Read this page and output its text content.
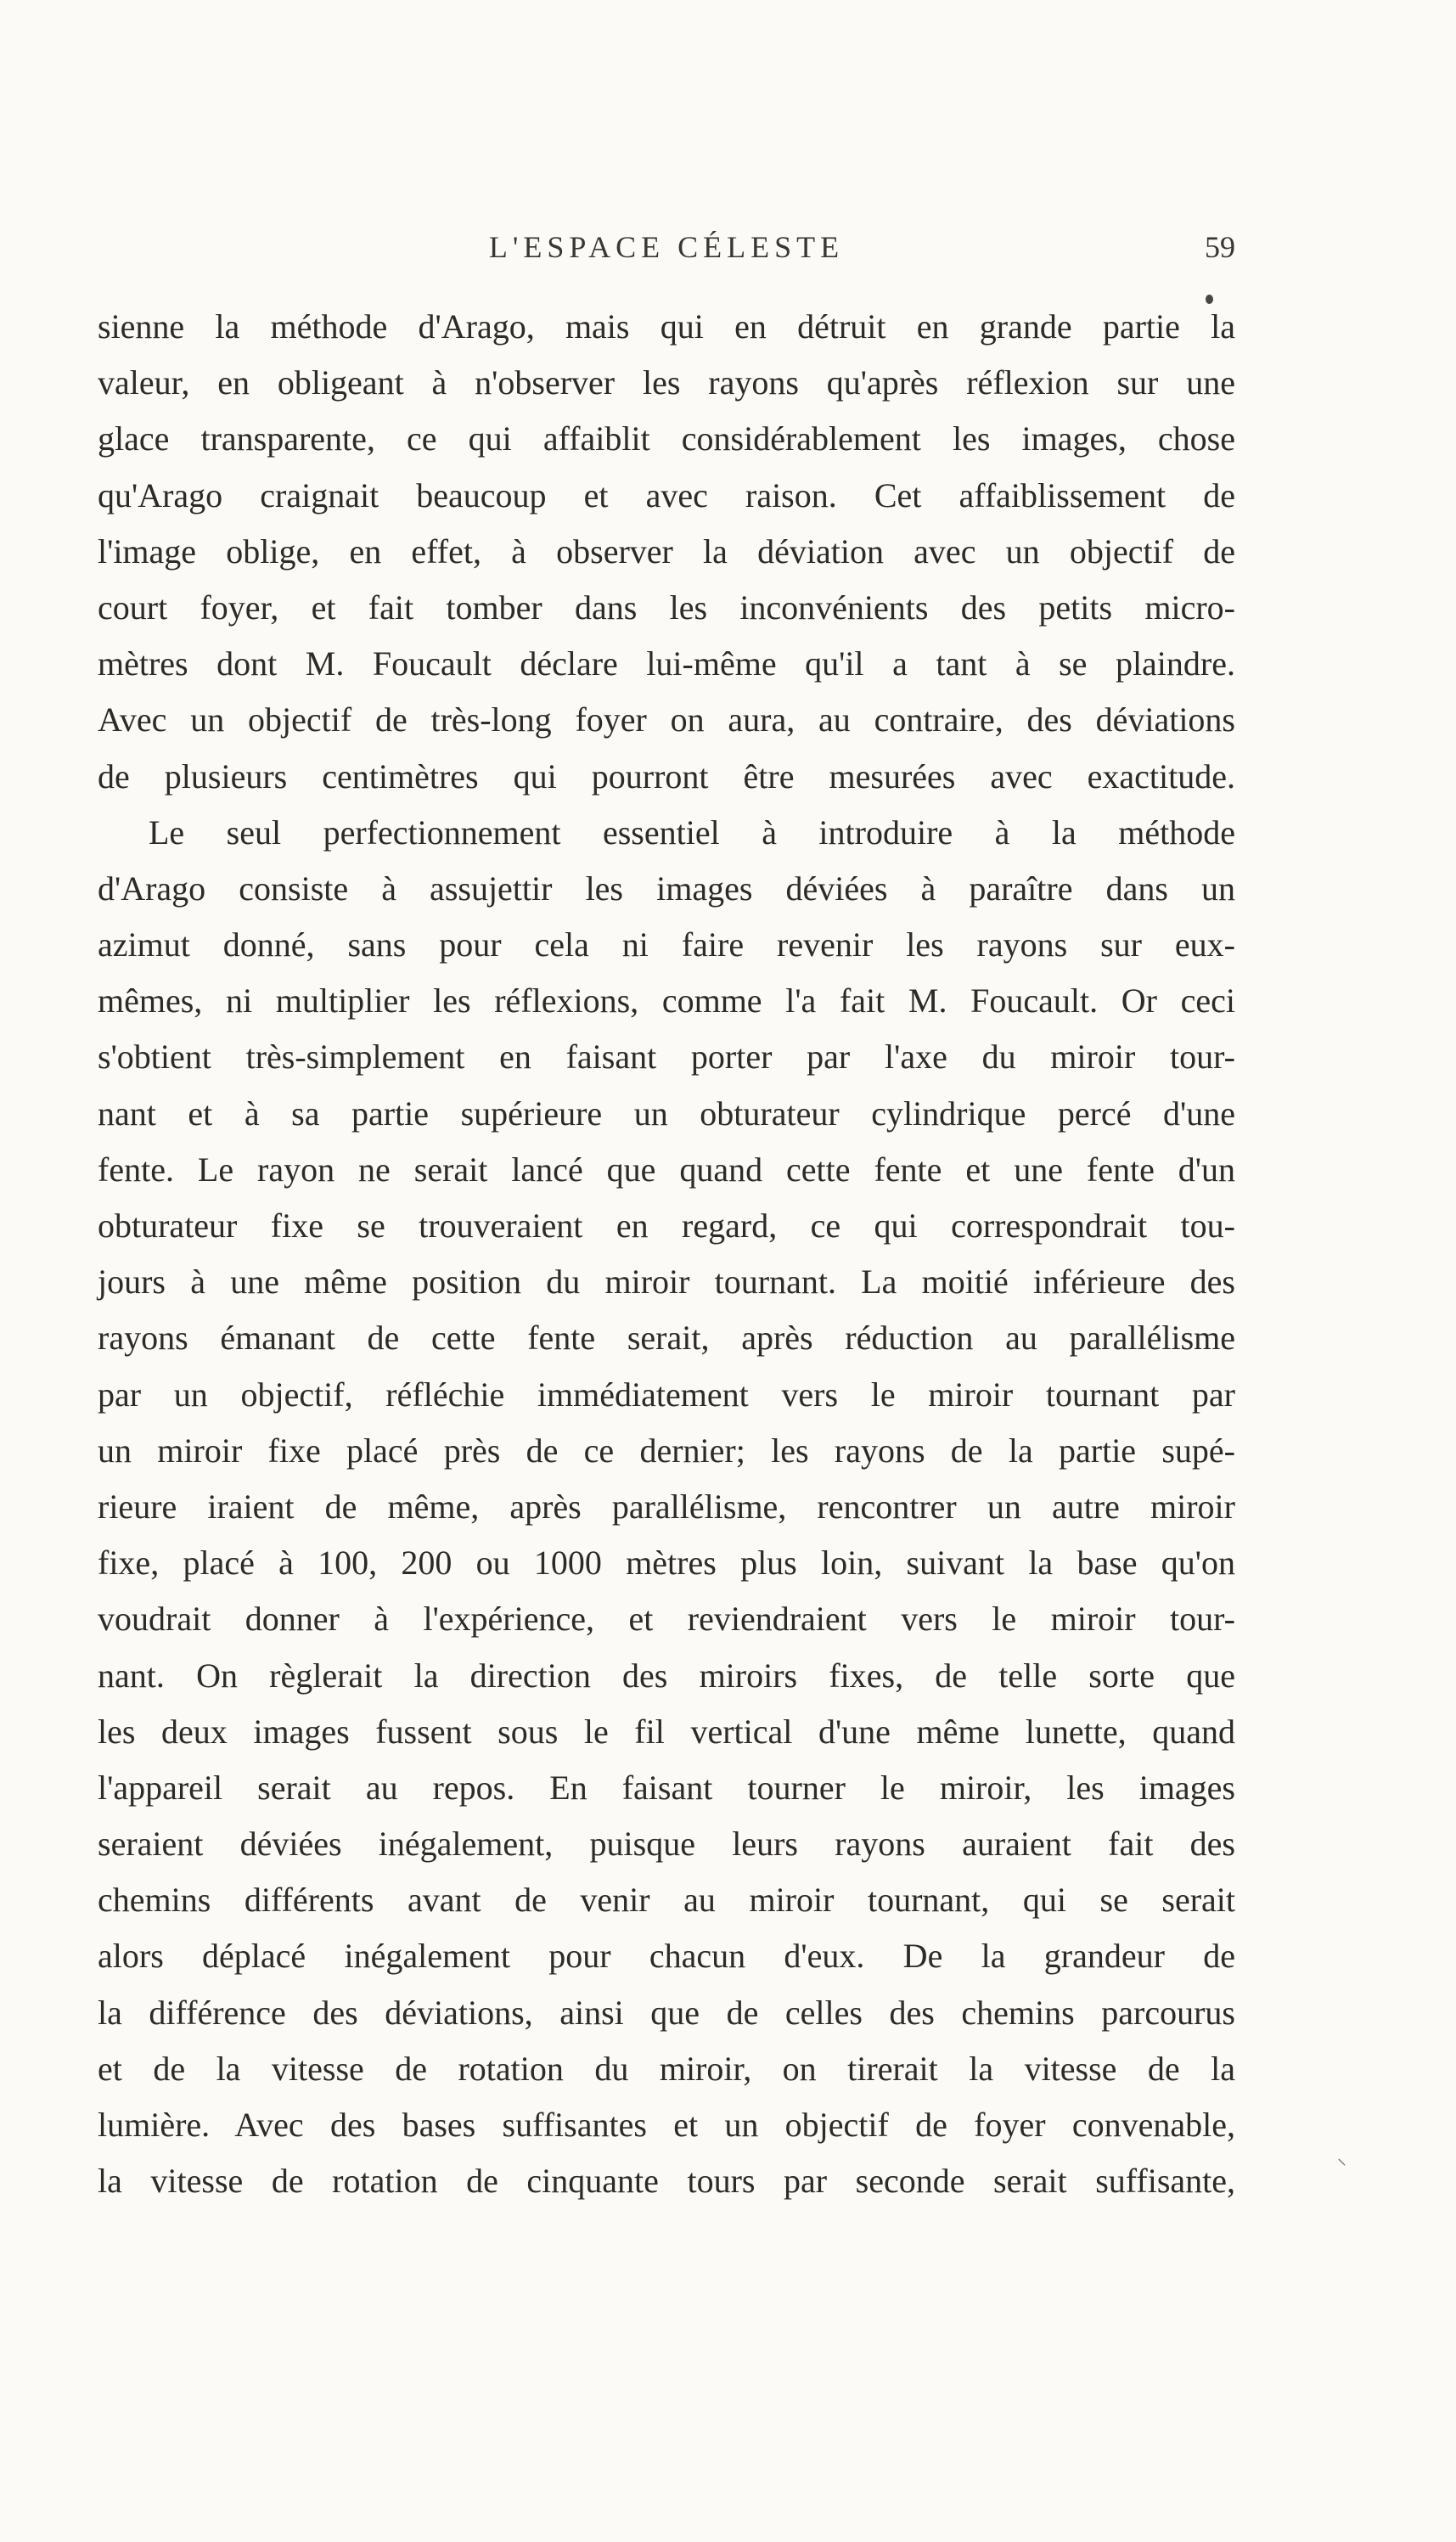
L'ESPACE CÉLESTE	59
sienne la méthode d'Arago, mais qui en détruit en grande partie la
valeur, en obligeant à n'observer les rayons qu'après réflexion sur une
glace transparente, ce qui affaiblit considérablement les images, chose
qu'Arago craignait beaucoup et avec raison. Cet affaiblissement de
l'image oblige, en effet, à observer la déviation avec un objectif de
court foyer, et fait tomber dans les inconvénients des petits micro-
mètres dont M. Foucault déclare lui-même qu'il a tant à se plaindre.
Avec un objectif de très-long foyer on aura, au contraire, des déviations
de plusieurs centimètres qui pourront être mesurées avec exactitude.
Le seul perfectionnement essentiel à introduire à la méthode
d'Arago consiste à assujettir les images déviées à paraître dans un
azimut donné, sans pour cela ni faire revenir les rayons sur eux-
mêmes, ni multiplier les réflexions, comme l'a fait M. Foucault. Or ceci
s'obtient très-simplement en faisant porter par l'axe du miroir tour-
nant et à sa partie supérieure un obturateur cylindrique percé d'une
fente. Le rayon ne serait lancé que quand cette fente et une fente d'un
obturateur fixe se trouveraient en regard, ce qui correspondrait tou-
jours à une même position du miroir tournant. La moitié inférieure des
rayons émanant de cette fente serait, après réduction au parallélisme
par un objectif, réfléchie immédiatement vers le miroir tournant par
un miroir fixe placé près de ce dernier; les rayons de la partie supé-
rieure iraient de même, après parallélisme, rencontrer un autre miroir
fixe, placé à 100, 200 ou 1000 mètres plus loin, suivant la base qu'on
voudrait donner à l'expérience, et reviendraient vers le miroir tour-
nant. On règlerait la direction des miroirs fixes, de telle sorte que
les deux images fussent sous le fil vertical d'une même lunette, quand
l'appareil serait au repos. En faisant tourner le miroir, les images
seraient déviées inégalement, puisque leurs rayons auraient fait des
chemins différents avant de venir au miroir tournant, qui se serait
alors déplacé inégalement pour chacun d'eux. De la grandeur de
la différence des déviations, ainsi que de celles des chemins parcourus
et de la vitesse de rotation du miroir, on tirerait la vitesse de la
lumière. Avec des bases suffisantes et un objectif de foyer convenable,
la vitesse de rotation de cinquante tours par seconde serait suffisante,
⸜
